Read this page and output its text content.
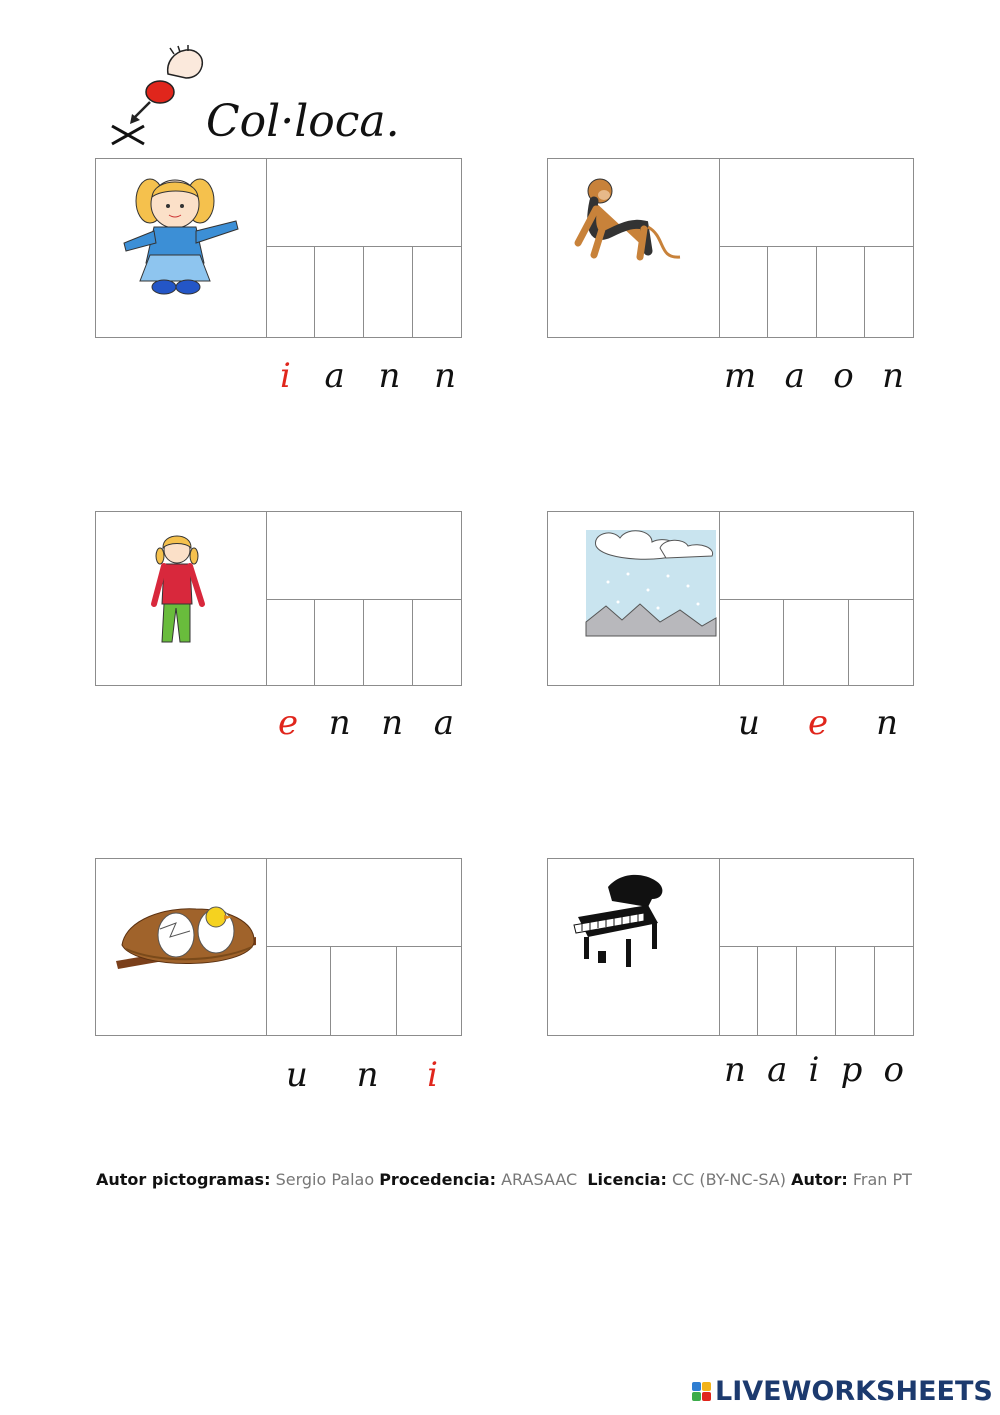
Col·loca.
i a n n	m a o n
e n n a	u e n
u n i	n a i p o
Autor pictogramas: Sergio Palao Procedencia: ARASAAC Licencia: CC (BY-NC-SA) Autor: Fran PT
LIVEWORKSHEETS
